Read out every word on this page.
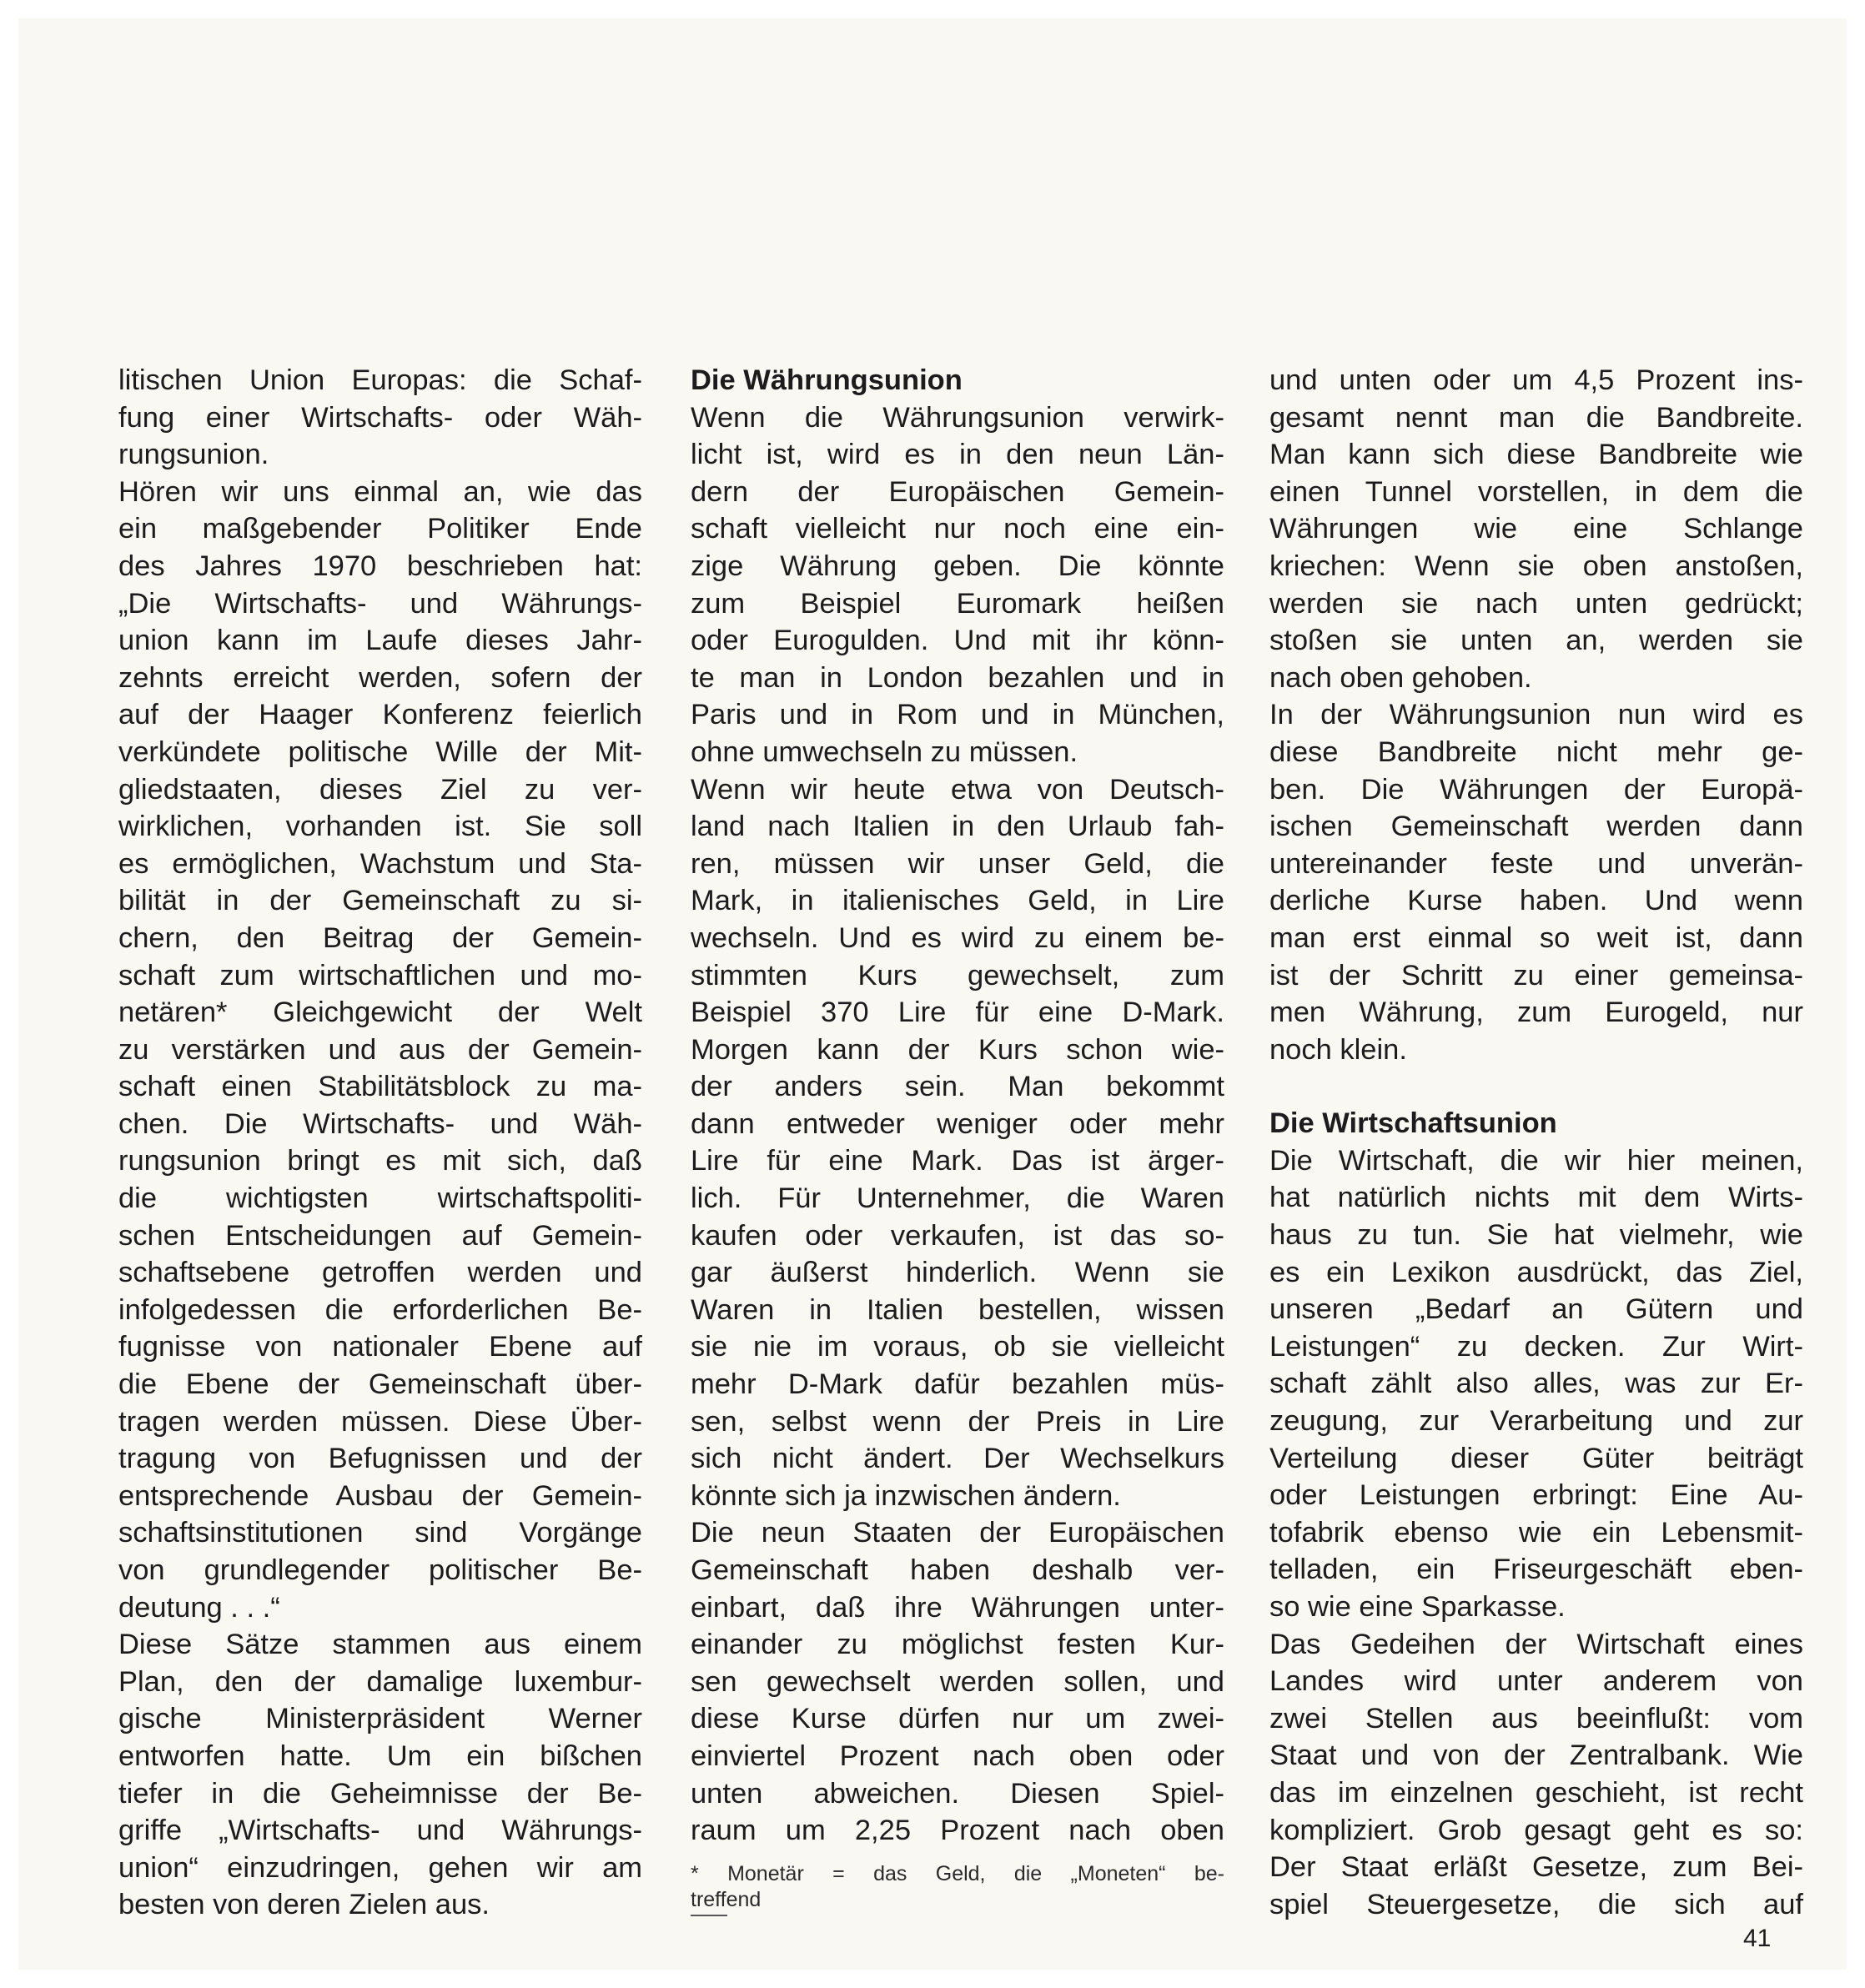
litischen Union Europas: die Schaf-
fung einer Wirtschafts- oder Wäh-
rungsunion.
Hören wir uns einmal an, wie das
ein maßgebender Politiker Ende
des Jahres 1970 beschrieben hat:
„Die Wirtschafts- und Währungs-
union kann im Laufe dieses Jahr-
zehnts erreicht werden, sofern der
auf der Haager Konferenz feierlich
verkündete politische Wille der Mit-
gliedstaaten, dieses Ziel zu ver-
wirklichen, vorhanden ist. Sie soll
es ermöglichen, Wachstum und Sta-
bilität in der Gemeinschaft zu si-
chern, den Beitrag der Gemein-
schaft zum wirtschaftlichen und mo-
netären* Gleichgewicht der Welt
zu verstärken und aus der Gemein-
schaft einen Stabilitätsblock zu ma-
chen. Die Wirtschafts- und Wäh-
rungsunion bringt es mit sich, daß
die wichtigsten wirtschaftspoliti-
schen Entscheidungen auf Gemein-
schaftsebene getroffen werden und
infolgedessen die erforderlichen Be-
fugnisse von nationaler Ebene auf
die Ebene der Gemeinschaft über-
tragen werden müssen. Diese Über-
tragung von Befugnissen und der
entsprechende Ausbau der Gemein-
schaftsinstitutionen sind Vorgänge
von grundlegender politischer Be-
deutung . . .“
Diese Sätze stammen aus einem
Plan, den der damalige luxembur-
gische Ministerpräsident Werner
entworfen hatte. Um ein bißchen
tiefer in die Geheimnisse der Be-
griffe „Wirtschafts- und Währungs-
union“ einzudringen, gehen wir am
besten von deren Zielen aus.
Die Währungsunion
Wenn die Währungsunion verwirk-
licht ist, wird es in den neun Län-
dern der Europäischen Gemein-
schaft vielleicht nur noch eine ein-
zige Währung geben. Die könnte
zum Beispiel Euromark heißen
oder Eurogulden. Und mit ihr könn-
te man in London bezahlen und in
Paris und in Rom und in München,
ohne umwechseln zu müssen.
Wenn wir heute etwa von Deutsch-
land nach Italien in den Urlaub fah-
ren, müssen wir unser Geld, die
Mark, in italienisches Geld, in Lire
wechseln. Und es wird zu einem be-
stimmten Kurs gewechselt, zum
Beispiel 370 Lire für eine D-Mark.
Morgen kann der Kurs schon wie-
der anders sein. Man bekommt
dann entweder weniger oder mehr
Lire für eine Mark. Das ist ärger-
lich. Für Unternehmer, die Waren
kaufen oder verkaufen, ist das so-
gar äußerst hinderlich. Wenn sie
Waren in Italien bestellen, wissen
sie nie im voraus, ob sie vielleicht
mehr D-Mark dafür bezahlen müs-
sen, selbst wenn der Preis in Lire
sich nicht ändert. Der Wechselkurs
könnte sich ja inzwischen ändern.
Die neun Staaten der Europäischen
Gemeinschaft haben deshalb ver-
einbart, daß ihre Währungen unter-
einander zu möglichst festen Kur-
sen gewechselt werden sollen, und
diese Kurse dürfen nur um zwei-
einviertel Prozent nach oben oder
unten abweichen. Diesen Spiel-
raum um 2,25 Prozent nach oben
* Monetär = das Geld, die „Moneten“ be-
treffend
und unten oder um 4,5 Prozent ins-
gesamt nennt man die Bandbreite.
Man kann sich diese Bandbreite wie
einen Tunnel vorstellen, in dem die
Währungen wie eine Schlange
kriechen: Wenn sie oben anstoßen,
werden sie nach unten gedrückt;
stoßen sie unten an, werden sie
nach oben gehoben.
In der Währungsunion nun wird es
diese Bandbreite nicht mehr ge-
ben. Die Währungen der Europä-
ischen Gemeinschaft werden dann
untereinander feste und unverän-
derliche Kurse haben. Und wenn
man erst einmal so weit ist, dann
ist der Schritt zu einer gemeinsa-
men Währung, zum Eurogeld, nur
noch klein.
Die Wirtschaftsunion
Die Wirtschaft, die wir hier meinen,
hat natürlich nichts mit dem Wirts-
haus zu tun. Sie hat vielmehr, wie
es ein Lexikon ausdrückt, das Ziel,
unseren „Bedarf an Gütern und
Leistungen“ zu decken. Zur Wirt-
schaft zählt also alles, was zur Er-
zeugung, zur Verarbeitung und zur
Verteilung dieser Güter beiträgt
oder Leistungen erbringt: Eine Au-
tofabrik ebenso wie ein Lebensmit-
telladen, ein Friseurgeschäft eben-
so wie eine Sparkasse.
Das Gedeihen der Wirtschaft eines
Landes wird unter anderem von
zwei Stellen aus beeinflußt: vom
Staat und von der Zentralbank. Wie
das im einzelnen geschieht, ist recht
kompliziert. Grob gesagt geht es so:
Der Staat erläßt Gesetze, zum Bei-
spiel Steuergesetze, die sich auf
41
